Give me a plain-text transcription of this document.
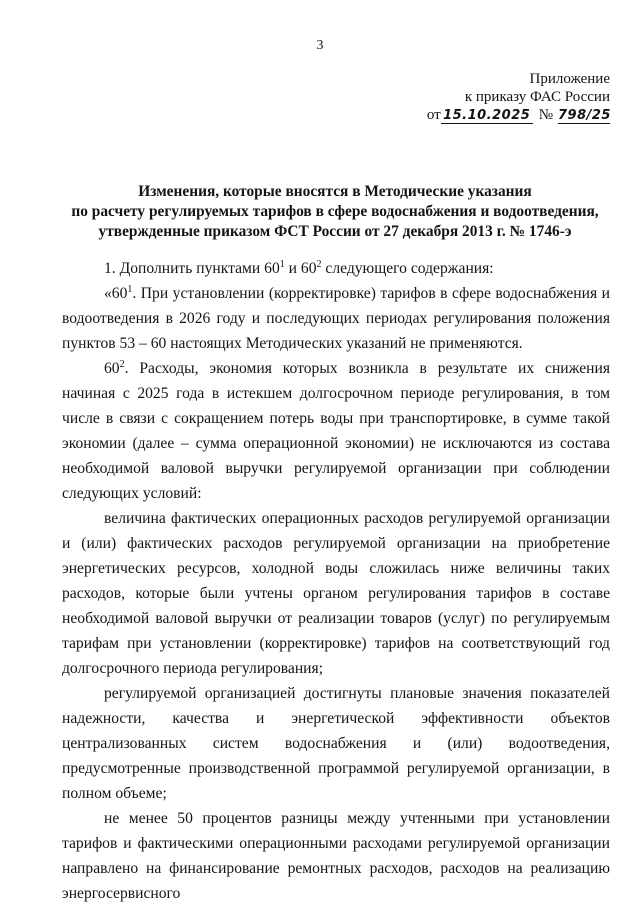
3
Приложение
к приказу ФАС России
от 15.10.2025 № 798/25
Изменения, которые вносятся в Методические указания
по расчету регулируемых тарифов в сфере водоснабжения и водоотведения,
утвержденные приказом ФСТ России от 27 декабря 2013 г. № 1746-э

1. Дополнить пунктами $60^1$ и $60^2$ следующего содержания:

«$60^1$. При установлении (корректировке) тарифов в сфере водоснабжения и водоотведения в 2026 году и последующих периодах регулирования положения пунктов 53 – 60 настоящих Методических указаний не применяются.

$60^2$. Расходы, экономия которых возникла в результате их снижения начиная с 2025 года в истекшем долгосрочном периоде регулирования, в том числе в связи с сокращением потерь воды при транспортировке, в сумме такой экономии (далее – сумма операционной экономии) не исключаются из состава необходимой валовой выручки регулируемой организации при соблюдении следующих условий:

величина фактических операционных расходов регулируемой организации и (или) фактических расходов регулируемой организации на приобретение энергетических ресурсов, холодной воды сложилась ниже величины таких расходов, которые были учтены органом регулирования тарифов в составе необходимой валовой выручки от реализации товаров (услуг) по регулируемым тарифам при установлении (корректировке) тарифов на соответствующий год долгосрочного периода регулирования;

регулируемой организацией достигнуты плановые значения показателей надежности, качества и энергетической эффективности объектов централизованных систем водоснабжения и (или) водоотведения, предусмотренные производственной программой регулируемой организации, в полном объеме;

не менее 50 процентов разницы между учтенными при установлении тарифов и фактическими операционными расходами регулируемой организации направлено на финансирование ремонтных расходов, расходов на реализацию энергосервисного
